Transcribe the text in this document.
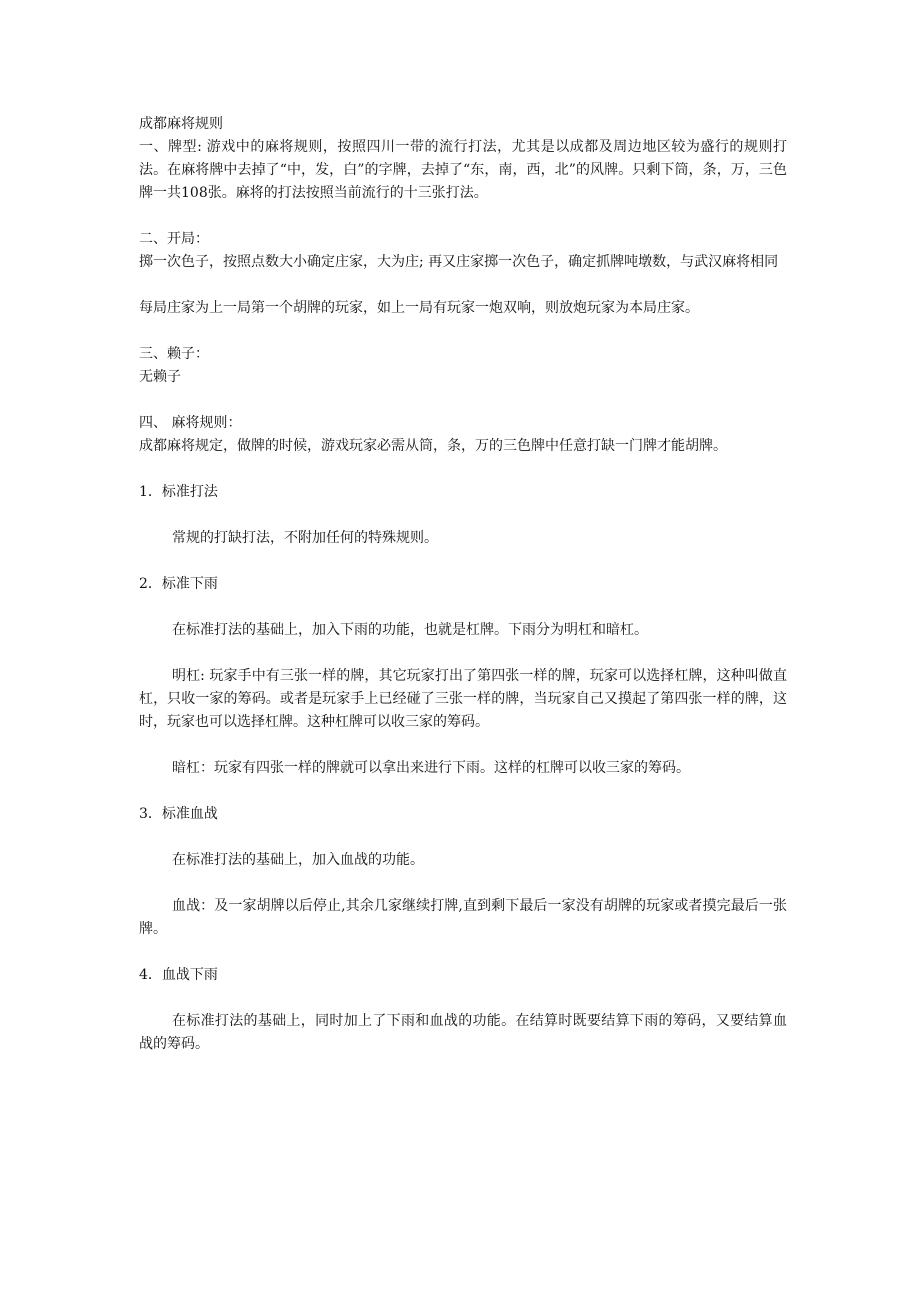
成都麻将规则

一、牌型: 游戏中的麻将规则，按照四川一带的流行打法，尤其是以成都及周边地区较为盛行的规则打法。在麻将牌中去掉了“中，发，白”的字牌，去掉了“东，南，西，北”的风牌。只剩下筒，条，万，三色牌一共108张。麻将的打法按照当前流行的十三张打法。

二、开局：

掷一次色子，按照点数大小确定庄家，大为庄; 再又庄家掷一次色子，确定抓牌吨墩数，与武汉麻将相同

每局庄家为上一局第一个胡牌的玩家，如上一局有玩家一炮双响，则放炮玩家为本局庄家。

三、赖子：

无赖子

四、 麻将规则：

成都麻将规定，做牌的时候，游戏玩家必需从筒，条，万的三色牌中任意打缺一门牌才能胡牌。

1．标准打法

常规的打缺打法，不附加任何的特殊规则。

2．标准下雨

在标准打法的基础上，加入下雨的功能，也就是杠牌。下雨分为明杠和暗杠。

明杠: 玩家手中有三张一样的牌，其它玩家打出了第四张一样的牌，玩家可以选择杠牌，这种叫做直杠，只收一家的筹码。或者是玩家手上已经碰了三张一样的牌，当玩家自己又摸起了第四张一样的牌，这时，玩家也可以选择杠牌。这种杠牌可以收三家的筹码。

暗杠：玩家有四张一样的牌就可以拿出来进行下雨。这样的杠牌可以收三家的筹码。

3．标准血战

在标准打法的基础上，加入血战的功能。

血战：及一家胡牌以后停止,其余几家继续打牌,直到剩下最后一家没有胡牌的玩家或者摸完最后一张牌。

4．血战下雨

在标准打法的基础上，同时加上了下雨和血战的功能。在结算时既要结算下雨的筹码，又要结算血战的筹码。
